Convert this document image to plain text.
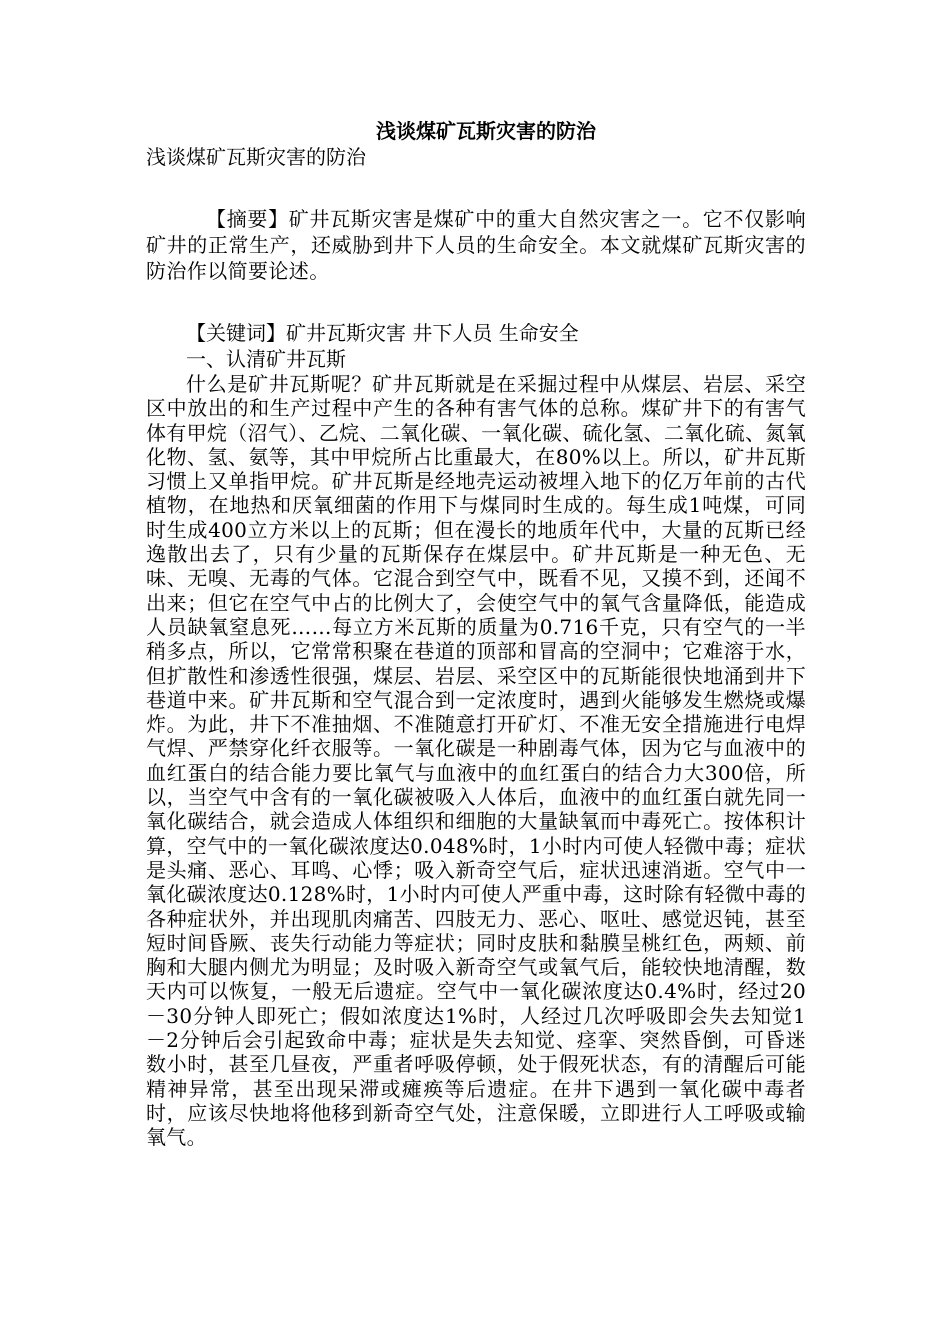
浅谈煤矿瓦斯灾害的防治
浅谈煤矿瓦斯灾害的防治

【摘要】矿井瓦斯灾害是煤矿中的重大自然灾害之一。它不仅影响矿井的正常生产，还威胁到井下人员的生命安全。本文就煤矿瓦斯灾害的防治作以简要论述。

【关键词】矿井瓦斯灾害 井下人员 生命安全
一、认清矿井瓦斯

什么是矿井瓦斯呢？矿井瓦斯就是在采掘过程中从煤层、岩层、采空区中放出的和生产过程中产生的各种有害气体的总称。煤矿井下的有害气体有甲烷（沼气）、乙烷、二氧化碳、一氧化碳、硫化氢、二氧化硫、氮氧化物、氢、氨等，其中甲烷所占比重最大，在80%以上。所以，矿井瓦斯习惯上又单指甲烷。矿井瓦斯是经地壳运动被埋入地下的亿万年前的古代植物，在地热和厌氧细菌的作用下与煤同时生成的。每生成1吨煤，可同时生成400立方米以上的瓦斯；但在漫长的地质年代中，大量的瓦斯已经逸散出去了，只有少量的瓦斯保存在煤层中。矿井瓦斯是一种无色、无味、无嗅、无毒的气体。它混合到空气中，既看不见，又摸不到，还闻不出来；但它在空气中占的比例大了，会使空气中的氧气含量降低，能造成人员缺氧窒息死……每立方米瓦斯的质量为0.716千克，只有空气的一半稍多点，所以，它常常积聚在巷道的顶部和冒高的空洞中；它难溶于水，但扩散性和渗透性很强，煤层、岩层、采空区中的瓦斯能很快地涌到井下巷道中来。矿井瓦斯和空气混合到一定浓度时，遇到火能够发生燃烧或爆炸。为此，井下不准抽烟、不准随意打开矿灯、不准无安全措施进行电焊气焊、严禁穿化纤衣服等。一氧化碳是一种剧毒气体，因为它与血液中的血红蛋白的结合能力要比氧气与血液中的血红蛋白的结合力大300倍，所以，当空气中含有的一氧化碳被吸入人体后，血液中的血红蛋白就先同一氧化碳结合，就会造成人体组织和细胞的大量缺氧而中毒死亡。按体积计算，空气中的一氧化碳浓度达0.048%时，1小时内可使人轻微中毒；症状是头痛、恶心、耳鸣、心悸；吸入新奇空气后，症状迅速消逝。空气中一氧化碳浓度达0.128%时，1小时内可使人严重中毒，这时除有轻微中毒的各种症状外，并出现肌肉痛苦、四肢无力、恶心、呕吐、感觉迟钝，甚至短时间昏厥、丧失行动能力等症状；同时皮肤和黏膜呈桃红色，两颊、前胸和大腿内侧尤为明显；及时吸入新奇空气或氧气后，能较快地清醒，数天内可以恢复，一般无后遗症。空气中一氧化碳浓度达0.4%时，经过20－30分钟人即死亡；假如浓度达1%时，人经过几次呼吸即会失去知觉1－2分钟后会引起致命中毒；症状是失去知觉、痉挛、突然昏倒，可昏迷数小时，甚至几昼夜，严重者呼吸停顿，处于假死状态，有的清醒后可能精神异常，甚至出现呆滞或瘫痪等后遗症。在井下遇到一氧化碳中毒者时，应该尽快地将他移到新奇空气处，注意保暖，立即进行人工呼吸或输氧气。
